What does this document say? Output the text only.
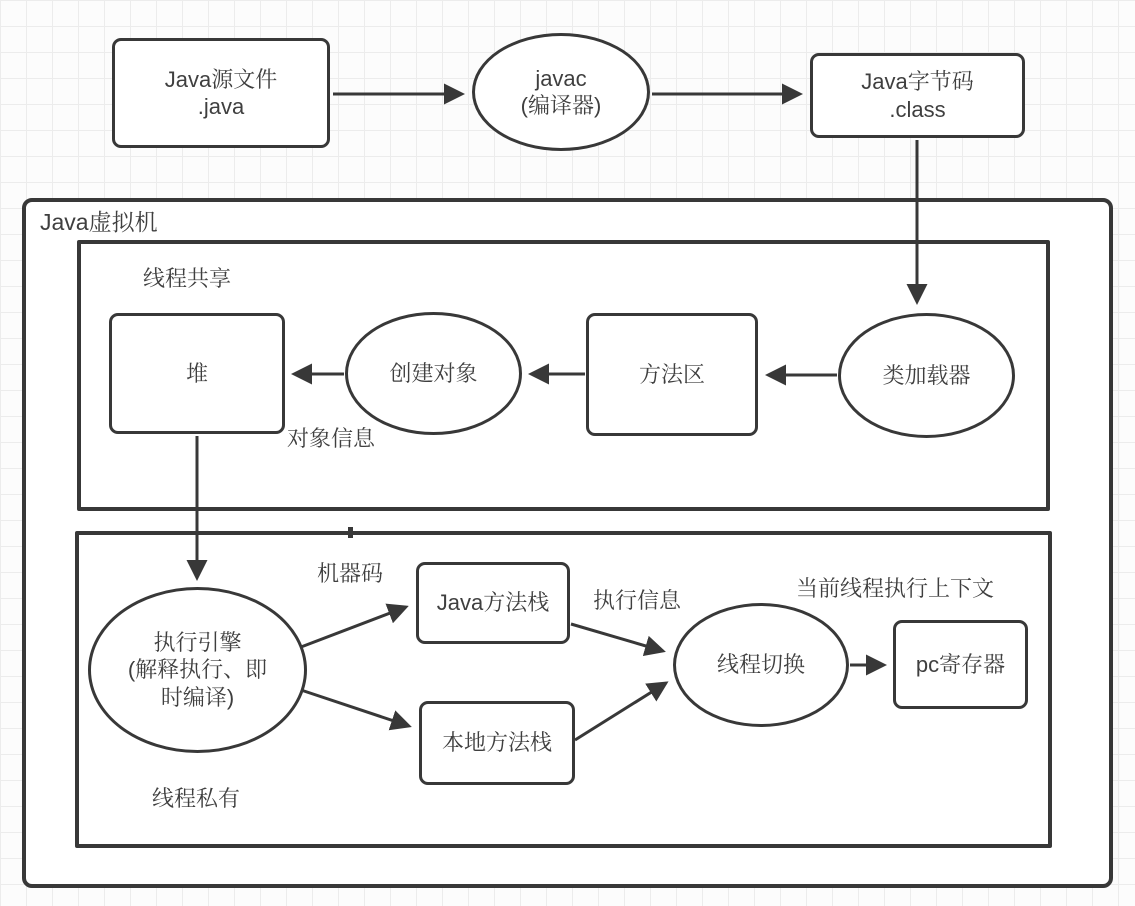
Java源文件
.java
javac
(编译器)
Java字节码
.class
Java虚拟机
线程共享
线程私有
堆	创建对象	方法区	类加载器
对象信息
执行引擎
(解释执行、即
时编译)
机器码
Java方法栈
本地方法栈
执行信息
线程切换
当前线程执行上下文
pc寄存器
